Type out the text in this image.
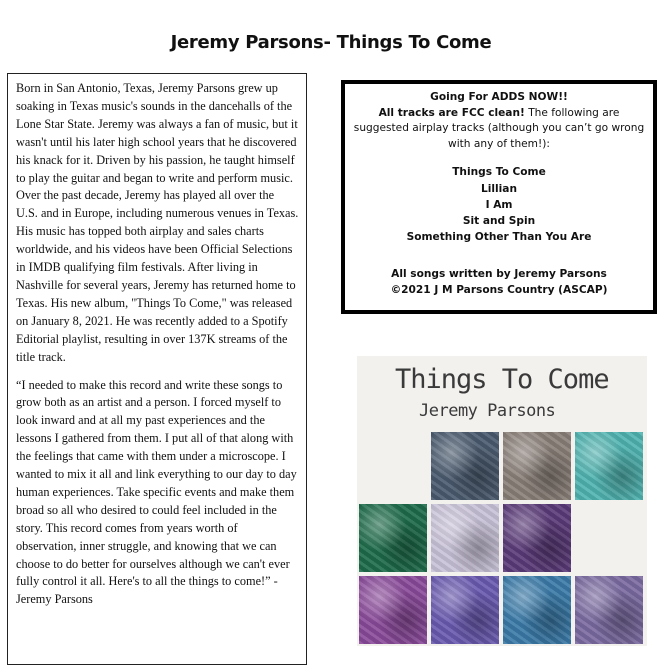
Jeremy Parsons- Things To Come

Born in San Antonio, Texas, Jeremy Parsons grew up soaking in Texas music's sounds in the dancehalls of the Lone Star State. Jeremy was always a fan of music, but it wasn't until his later high school years that he discovered his knack for it. Driven by his passion, he taught himself to play the guitar and began to write and perform music. Over the past decade, Jeremy has played all over the U.S. and in Europe, including numerous venues in Texas. His music has topped both airplay and sales charts worldwide, and his videos have been Official Selections in IMDB qualifying film festivals. After living in Nashville for several years, Jeremy has returned home to Texas. His new album, "Things To Come," was released on January 8, 2021. He was recently added to a Spotify Editorial playlist, resulting in over 137K streams of the title track.

“I needed to make this record and write these songs to grow both as an artist and a person. I forced myself to look inward and at all my past experiences and the lessons I gathered from them. I put all of that along with the feelings that came with them under a microscope. I wanted to mix it all and link everything to our day to day human experiences. Take specific events and make them broad so all who desired to could feel included in the story. This record comes from years worth of observation, inner struggle, and knowing that we can choose to do better for ourselves although we can't ever fully control it all. Here's to all the things to come!” -Jeremy Parsons

Going For ADDS NOW!!
All tracks are FCC clean! The following are suggested airplay tracks (although you can’t go wrong with any of them!):
Things To Come
Lillian
I Am
Sit and Spin
Something Other Than You Are
All songs written by Jeremy Parsons
©2021 J M Parsons Country (ASCAP)
Things To Come
Jeremy Parsons
